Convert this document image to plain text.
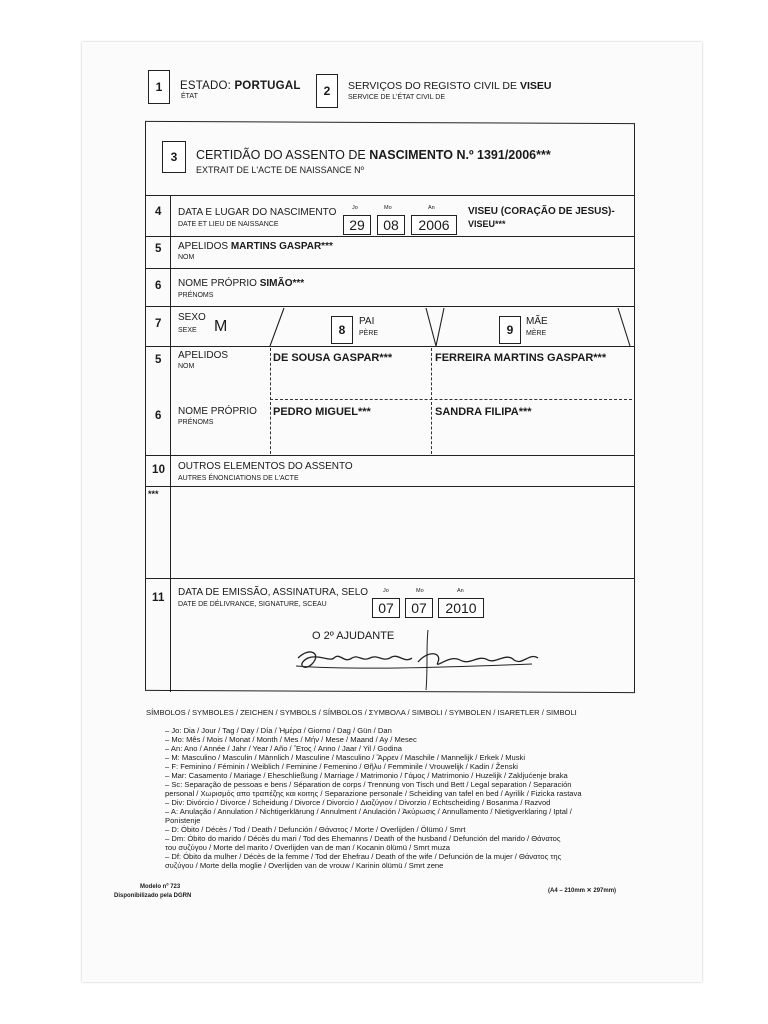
1	ESTADO: PORTUGAL
ÉTAT	2	SERVIÇOS DO REGISTO CIVIL DE VISEU
SERVICE DE L'ÉTAT CIVIL DE
3	CERTIDÃO DO ASSENTO DE NASCIMENTO N.º 1391/2006***
EXTRAIT DE L'ACTE DE NAISSANCE Nº
4 DATA E LUGAR DO NASCIMENTO
DATE ET LIEU DE NAISSANCE
Jo	Mo	An
29	08	2006
VISEU (CORAÇÃO DE JESUS)-
VISEU***
5 APELIDOS MARTINS GASPAR***
NOM
6 NOME PRÓPRIO SIMÃO***
PRÉNOMS
7
SEXO
SEXE M	8
PAI
PÈRE	9
MÃE
MÈRE
5 APELIDOS
NOM
DE SOUSA GASPAR***	FERREIRA MARTINS GASPAR***
6 NOME PRÓPRIO
PRÉNOMS
PEDRO MIGUEL***	SANDRA FILIPA***
10 OUTROS ELEMENTOS DO ASSENTO
AUTRES ÉNONCIATIONS DE L'ACTE
***
11 DATA DE EMISSÃO, ASSINATURA, SELO
DATE DE DÉLIVRANCE, SIGNATURE, SCEAU
Jo	Mo	An
07	07	2010
O 2º AJUDANTE
SÍMBOLOS / SYMBOLES / ZEICHEN / SYMBOLS / SÍMBOLOS / ΣΥΜΒΟΛΑ / SIMBOLI / SYMBOLEN / ISARETLER / SIMBOLI
– Jo: Dia / Jour / Tag / Day / Día / Ἡμέρα / Giorno / Dag / Gün / Dan
– Mo: Mês / Mois / Monat / Month / Mes / Μήν / Mese / Maand / Ay / Mesec
– An: Ano / Année / Jahr / Year / Año / Ἔτος / Anno / Jaar / Yil / Godina
– M: Masculino / Masculin / Männlich / Masculine / Masculino / Ἄρρεν / Maschile / Mannelijk / Erkek / Muski
– F: Feminino / Féminin / Weiblich / Feminine / Femenino / Θῆλυ / Femminile / Vrouwelijk / Kadin / Ženski
– Mar: Casamento / Mariage / Eheschließung / Marriage / Matrimonio / Γάμος / Matrimonio / Huzelijk / Zakljućenje braka
– Sc: Separação de pessoas e bens / Séparation de corps / Trennung von Tisch und Bett / Legal separation / Separación
personal / Χωρισμός απο τραπέζης και κοιτης / Separazione personale / Scheiding van tafel en bed / Ayrilik / Fizicka rastava
– Div: Divórcio / Divorce / Scheidung / Divorce / Divorcio / Διαζύγιον / Divorzio / Echtscheiding / Bosanma / Razvod
– A: Anulação / Annulation / Nichtigerklärung / Annulment / Anulación / Ἀκύρωσις / Annullamento / Nietigverklaring / Iptal /
Ponistenje
– D: Óbito / Décès / Tod / Death / Defunción / Θάνατος / Morte / Overlijden / Ölümü / Smrt
– Dm: Óbito do marido / Décès du mari / Tod des Ehemanns / Death of the husband / Defunción del marido / Θάνατος
του συζύγου / Morte del marito / Overlijden van de man / Kocanin ölümü / Smrt muza
– Df: Óbito da mulher / Décès de la femme / Tod der Ehefrau / Death of the wife / Defunción de la mujer / Θάνατος της
συζύγου / Morte della moglie / Overlijden van de vrouw / Karinin ölümü / Smrt zene
Modelo nº 723
Disponibilizado pela DGRN
(A4 – 210mm ✕ 297mm)
